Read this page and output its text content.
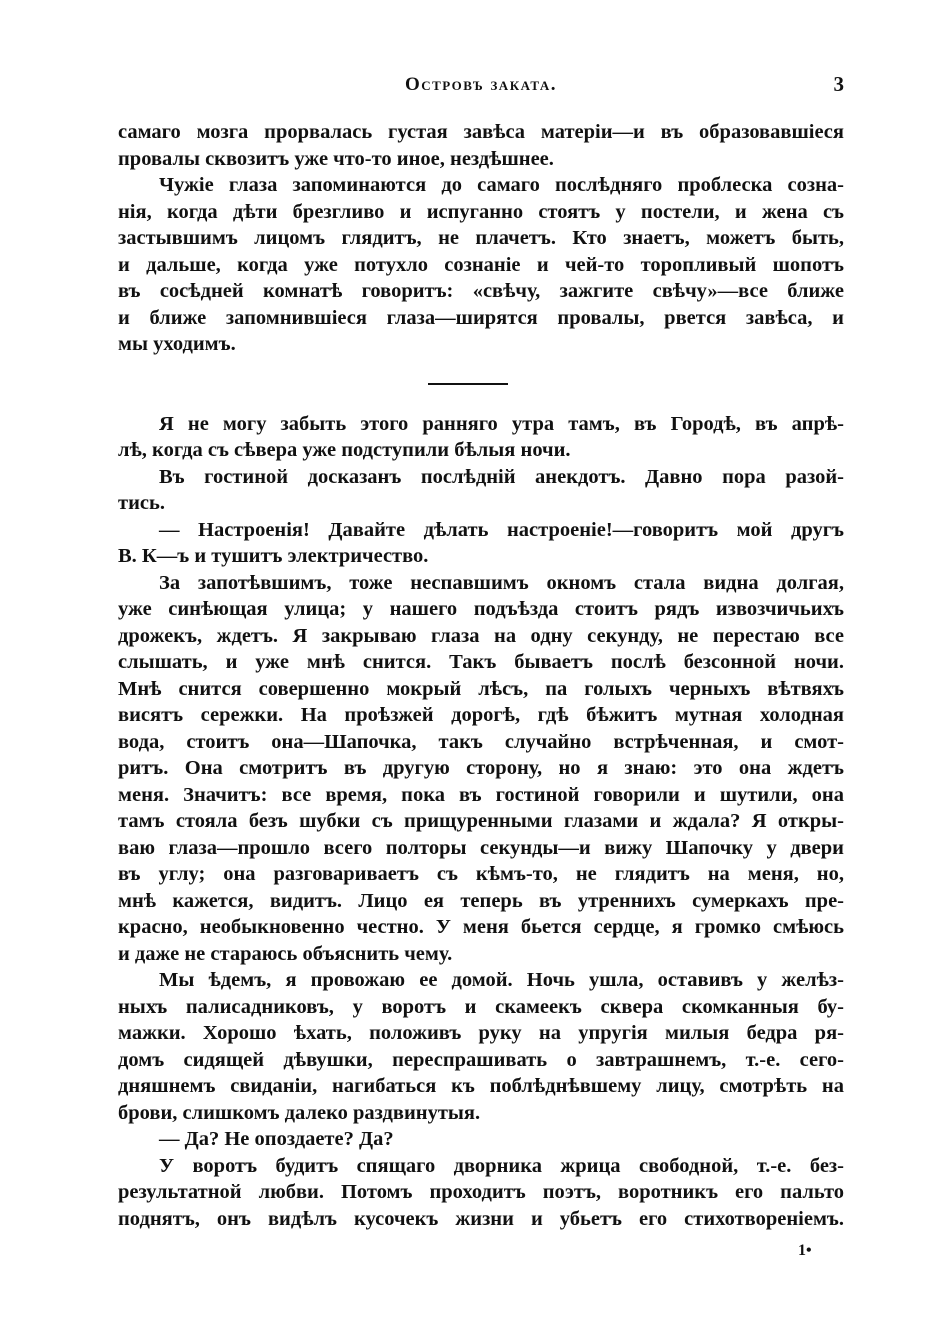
Островъ заката.	3
самаго мозга прорвалась густая завѣса матеріи—и въ образовавшіеся
провалы сквозитъ уже что-то иное, нездѣшнее.
Чужіе глаза запоминаются до самаго послѣдняго проблеска созна-
нія, когда дѣти брезгливо и испуганно стоятъ у постели, и жена съ
застывшимъ лицомъ глядитъ, не плачетъ. Кто знаетъ, можетъ быть,
и дальше, когда уже потухло сознаніе и чей-то торопливый шопотъ
въ сосѣдней комнатѣ говоритъ: «свѣчу, зажгите свѣчу»—все ближе
и ближе запомнившіеся глаза—ширятся провалы, рвется завѣса, и
мы уходимъ.
Я не могу забыть этого ранняго утра тамъ, въ Городѣ, въ апрѣ-
лѣ, когда съ сѣвера уже подступили бѣлыя ночи.
Въ гостиной досказанъ послѣдній анекдотъ. Давно пора разой-
тись.
— Настроенія! Давайте дѣлать настроеніе!—говоритъ мой другъ
В. К—ъ и тушитъ электричество.
За запотѣвшимъ, тоже неспавшимъ окномъ стала видна долгая,
уже синѣющая улица; у нашего подъѣзда стоитъ рядъ извозчичьихъ
дрожекъ, ждетъ. Я закрываю глаза на одну секунду, не перестаю все
слышать, и уже мнѣ снится. Такъ бываетъ послѣ безсонной ночи.
Мнѣ снится совершенно мокрый лѣсъ, па голыхъ черныхъ вѣтвяхъ
висятъ сережки. На проѣзжей дорогѣ, гдѣ бѣжитъ мутная холодная
вода, стоитъ она—Шапочка, такъ случайно встрѣченная, и смот-
ритъ. Она смотритъ въ другую сторону, но я знаю: это она ждетъ
меня. Значитъ: все время, пока въ гостиной говорили и шутили, она
тамъ стояла безъ шубки съ прищуренными глазами и ждала? Я откры-
ваю глаза—прошло всего полторы секунды—и вижу Шапочку у двери
въ углу; она разговариваетъ съ кѣмъ-то, не глядитъ на меня, но,
мнѣ кажется, видитъ. Лицо ея теперь въ утреннихъ сумеркахъ пре-
красно, необыкновенно честно. У меня бьется сердце, я громко смѣюсь
и даже не стараюсь объяснить чему.
Мы ѣдемъ, я провожаю ее домой. Ночь ушла, оставивъ у желѣз-
ныхъ палисадниковъ, у воротъ и скамеекъ сквера скомканныя бу-
мажки. Хорошо ѣхать, положивъ руку на упругія милыя бедра ря-
домъ сидящей дѣвушки, переспрашивать о завтрашнемъ, т.-е. сего-
дняшнемъ свиданіи, нагибаться къ поблѣднѣвшему лицу, смотрѣть на
брови, слишкомъ далеко раздвинутыя.
— Да? Не опоздаете? Да?
У воротъ будитъ спящаго дворника жрица свободной, т.-е. без-
результатной любви. Потомъ проходитъ поэтъ, воротникъ его пальто
поднятъ, онъ видѣлъ кусочекъ жизни и убьетъ его стихотвореніемъ.
1•
